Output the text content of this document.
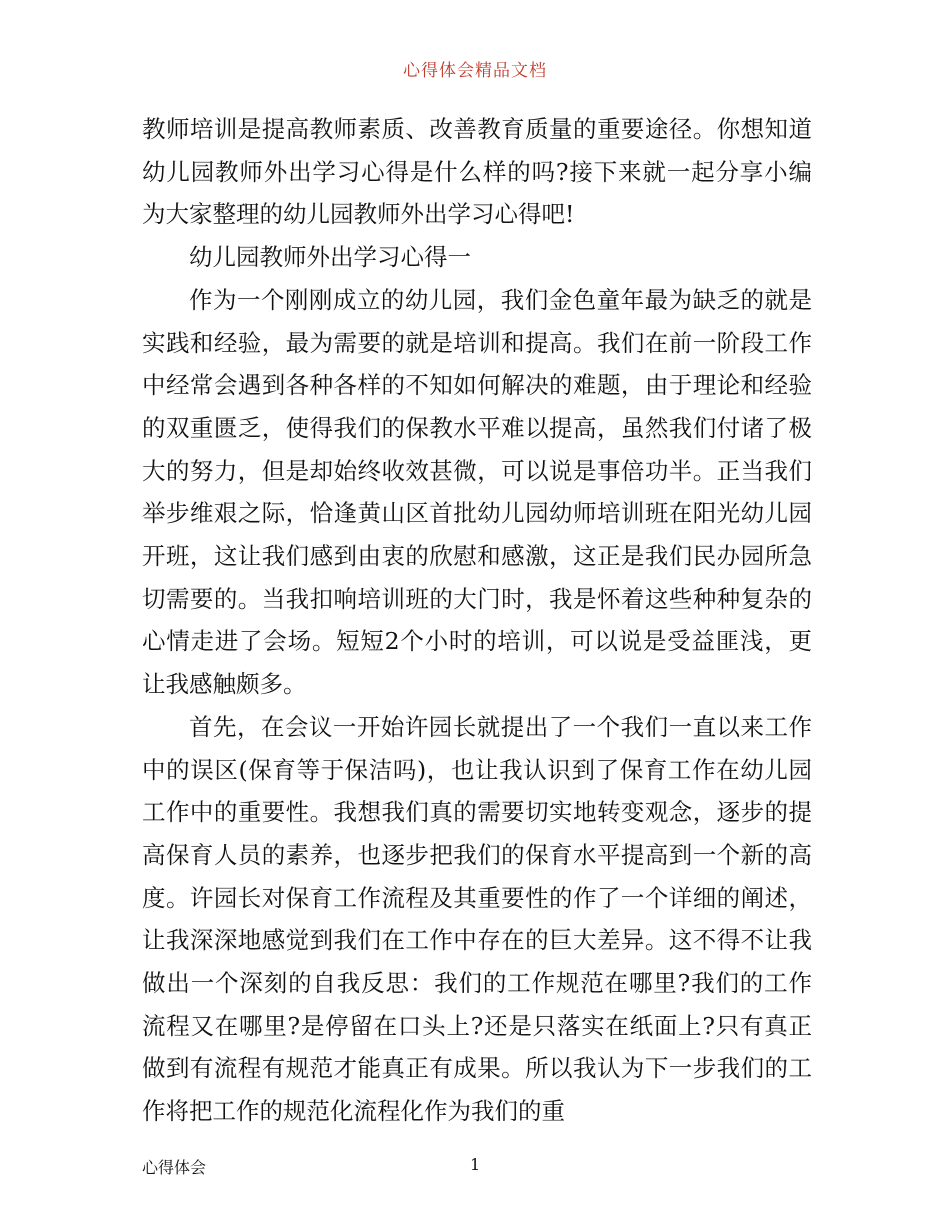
心得体会精品文档

教师培训是提高教师素质、改善教育质量的重要途径。你想知道幼儿园教师外出学习心得是什么样的吗?接下来就一起分享小编为大家整理的幼儿园教师外出学习心得吧!

幼儿园教师外出学习心得一

作为一个刚刚成立的幼儿园，我们金色童年最为缺乏的就是实践和经验，最为需要的就是培训和提高。我们在前一阶段工作中经常会遇到各种各样的不知如何解决的难题，由于理论和经验的双重匮乏，使得我们的保教水平难以提高，虽然我们付诸了极大的努力，但是却始终收效甚微，可以说是事倍功半。正当我们举步维艰之际，恰逢黄山区首批幼儿园幼师培训班在阳光幼儿园开班，这让我们感到由衷的欣慰和感激，这正是我们民办园所急切需要的。当我扣响培训班的大门时，我是怀着这些种种复杂的心情走进了会场。短短2个小时的培训，可以说是受益匪浅，更让我感触颇多。

首先，在会议一开始许园长就提出了一个我们一直以来工作中的误区(保育等于保洁吗)，也让我认识到了保育工作在幼儿园工作中的重要性。我想我们真的需要切实地转变观念，逐步的提高保育人员的素养，也逐步把我们的保育水平提高到一个新的高度。许园长对保育工作流程及其重要性的作了一个详细的阐述，让我深深地感觉到我们在工作中存在的巨大差异。这不得不让我做出一个深刻的自我反思：我们的工作规范在哪里?我们的工作流程又在哪里?是停留在口头上?还是只落实在纸面上?只有真正做到有流程有规范才能真正有成果。所以我认为下一步我们的工作将把工作的规范化流程化作为我们的重

心得体会	1
